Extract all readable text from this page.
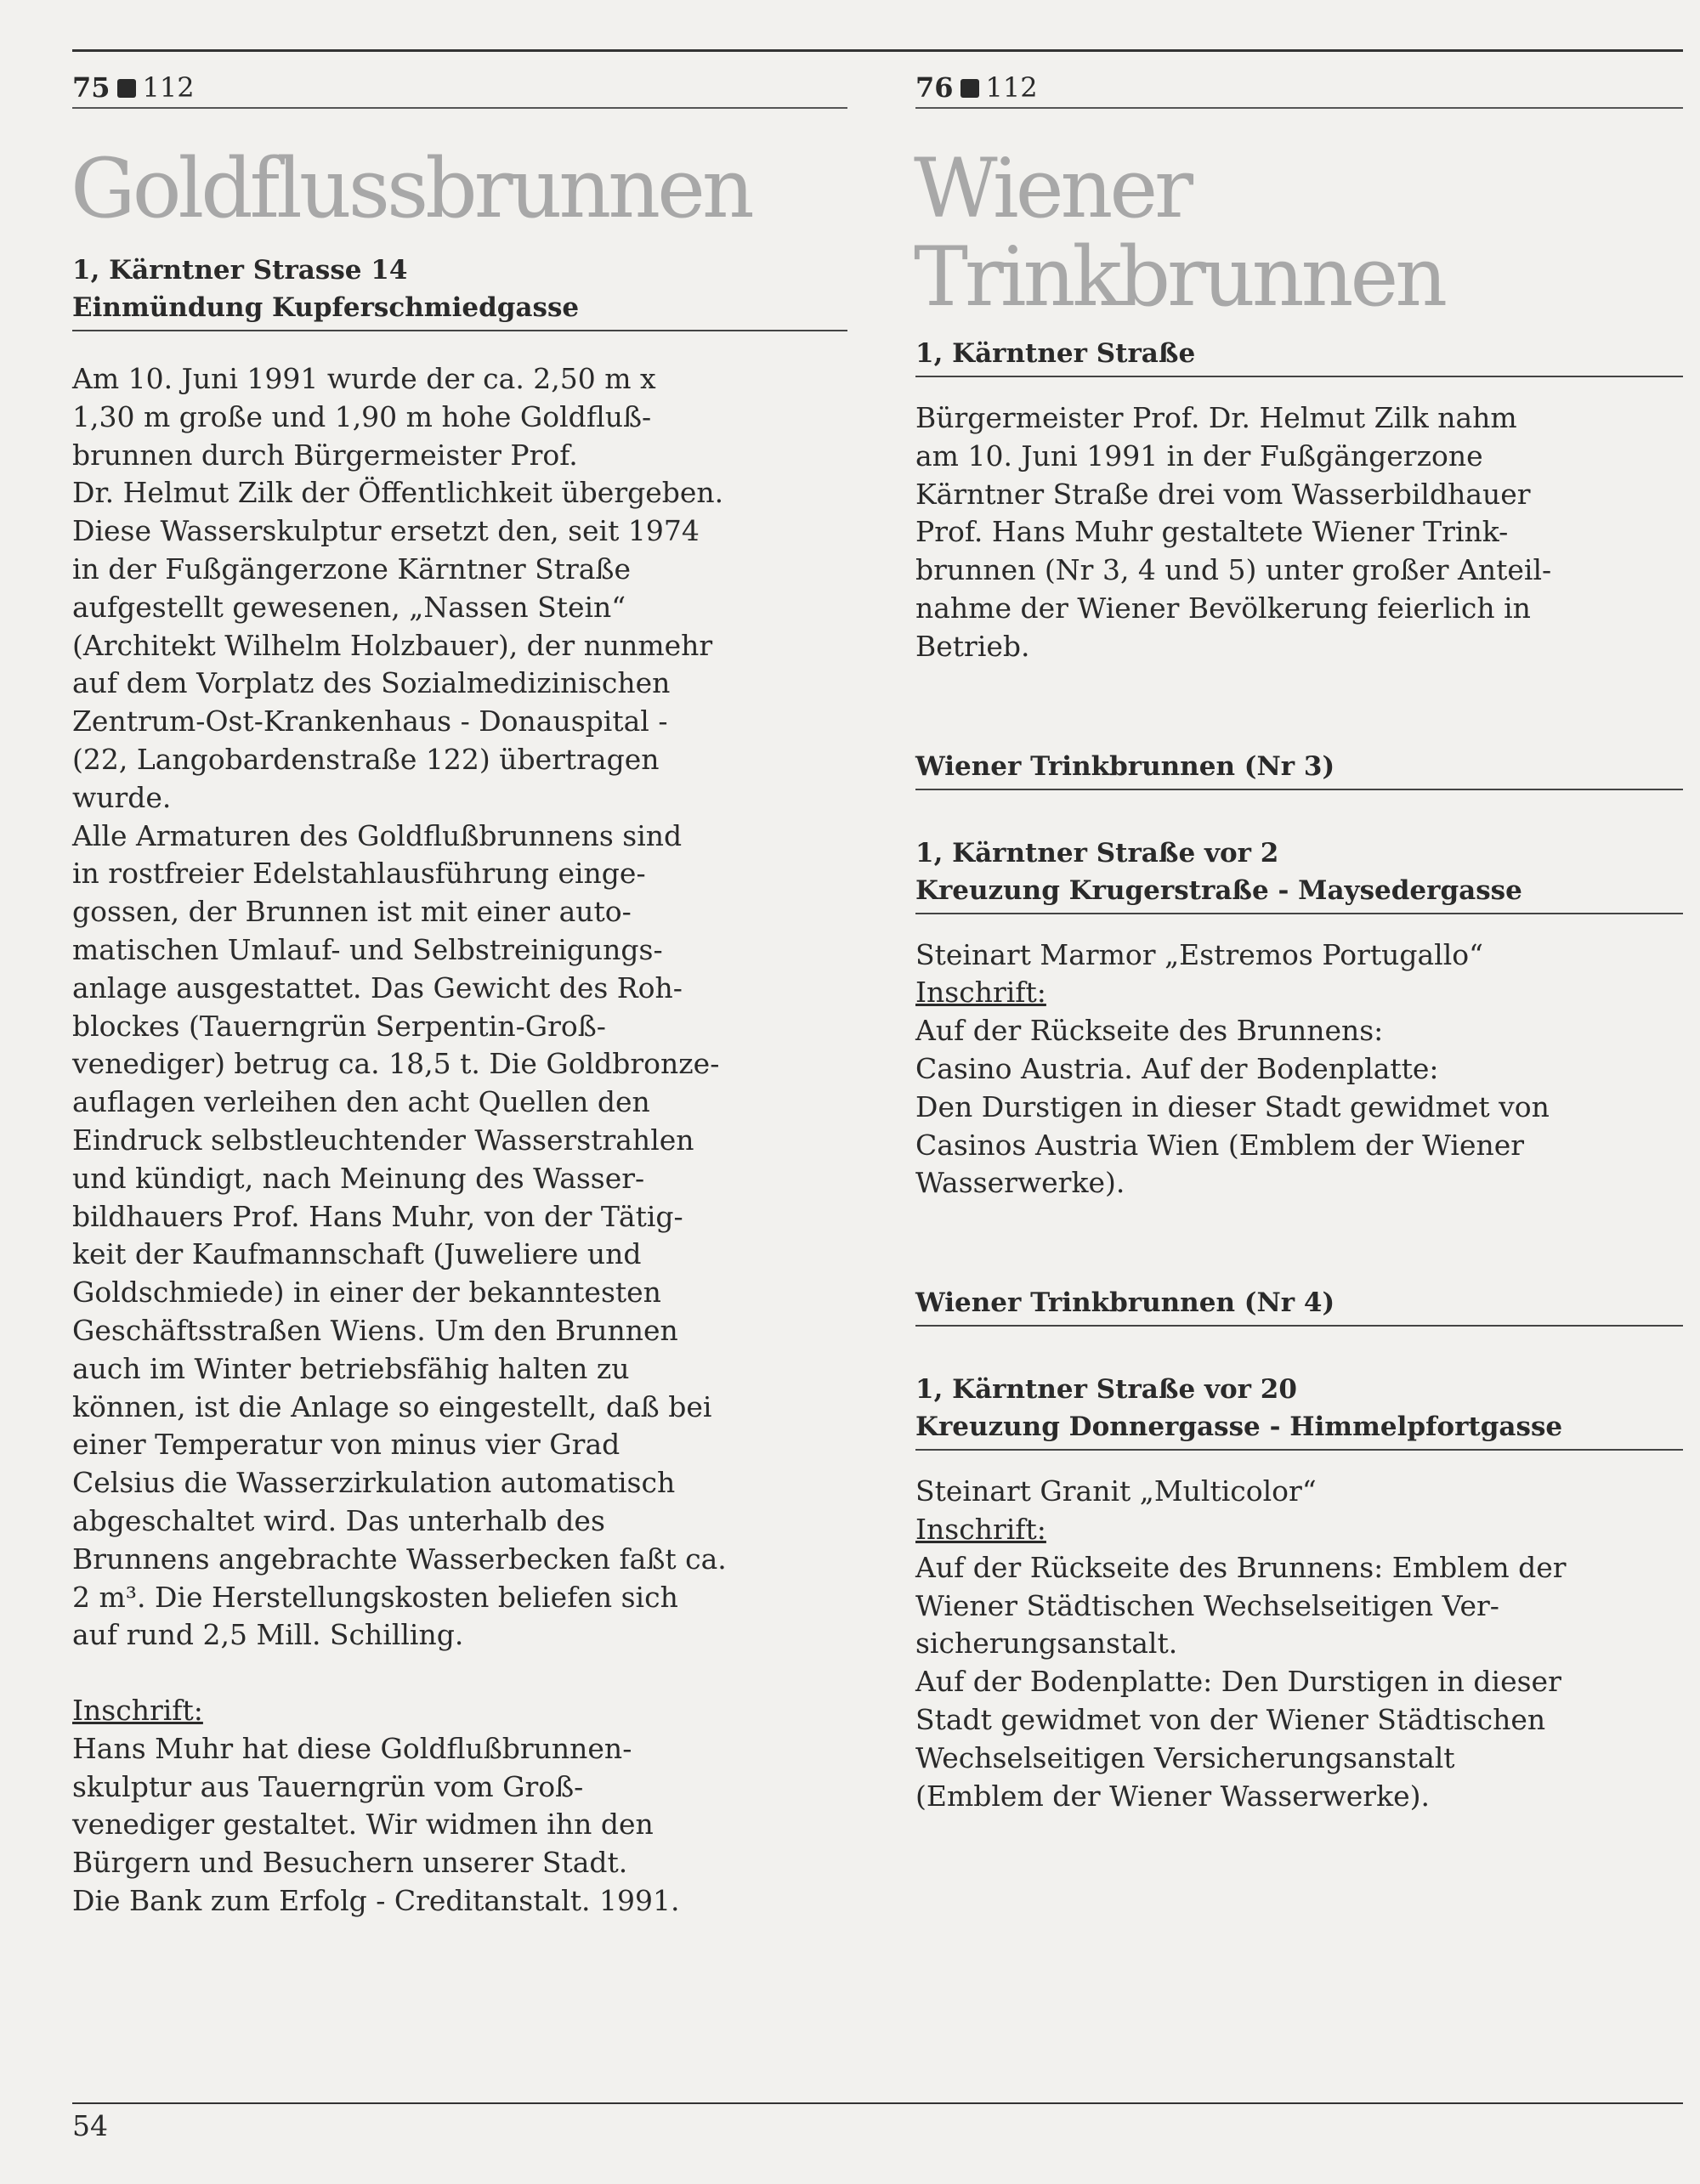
75 112
Goldflussbrunnen
1, Kärntner Strasse 14
Einmündung Kupferschmiedgasse
Am 10. Juni 1991 wurde der ca. 2,50 m x
1,30 m große und 1,90 m hohe Goldfluß-
brunnen durch Bürgermeister Prof.
Dr. Helmut Zilk der Öffentlichkeit übergeben.
Diese Wasserskulptur ersetzt den, seit 1974
in der Fußgängerzone Kärntner Straße
aufgestellt gewesenen, „Nassen Stein“
(Architekt Wilhelm Holzbauer), der nunmehr
auf dem Vorplatz des Sozialmedizinischen
Zentrum-Ost-Krankenhaus - Donauspital -
(22, Langobardenstraße 122) übertragen
wurde.
Alle Armaturen des Goldflußbrunnens sind
in rostfreier Edelstahlausführung einge-
gossen, der Brunnen ist mit einer auto-
matischen Umlauf- und Selbstreinigungs-
anlage ausgestattet. Das Gewicht des Roh-
blockes (Tauerngrün Serpentin-Groß-
venediger) betrug ca. 18,5 t. Die Goldbronze-
auflagen verleihen den acht Quellen den
Eindruck selbstleuchtender Wasserstrahlen
und kündigt, nach Meinung des Wasser-
bildhauers Prof. Hans Muhr, von der Tätig-
keit der Kaufmannschaft (Juweliere und
Goldschmiede) in einer der bekanntesten
Geschäftsstraßen Wiens. Um den Brunnen
auch im Winter betriebsfähig halten zu
können, ist die Anlage so eingestellt, daß bei
einer Temperatur von minus vier Grad
Celsius die Wasserzirkulation automatisch
abgeschaltet wird. Das unterhalb des
Brunnens angebrachte Wasserbecken faßt ca.
2 m³. Die Herstellungskosten beliefen sich
auf rund 2,5 Mill. Schilling.
Inschrift:
Hans Muhr hat diese Goldflußbrunnen-
skulptur aus Tauerngrün vom Groß-
venediger gestaltet. Wir widmen ihn den
Bürgern und Besuchern unserer Stadt.
Die Bank zum Erfolg - Creditanstalt. 1991.
76 112
Wiener
Trinkbrunnen
1, Kärntner Straße
Bürgermeister Prof. Dr. Helmut Zilk nahm
am 10. Juni 1991 in der Fußgängerzone
Kärntner Straße drei vom Wasserbildhauer
Prof. Hans Muhr gestaltete Wiener Trink-
brunnen (Nr 3, 4 und 5) unter großer Anteil-
nahme der Wiener Bevölkerung feierlich in
Betrieb.
Wiener Trinkbrunnen (Nr 3)
1, Kärntner Straße vor 2
Kreuzung Krugerstraße - Maysedergasse
Steinart Marmor „Estremos Portugallo“
Inschrift:
Auf der Rückseite des Brunnens:
Casino Austria. Auf der Bodenplatte:
Den Durstigen in dieser Stadt gewidmet von
Casinos Austria Wien (Emblem der Wiener
Wasserwerke).
Wiener Trinkbrunnen (Nr 4)
1, Kärntner Straße vor 20
Kreuzung Donnergasse - Himmelpfortgasse
Steinart Granit „Multicolor“
Inschrift:
Auf der Rückseite des Brunnens: Emblem der
Wiener Städtischen Wechselseitigen Ver-
sicherungsanstalt.
Auf der Bodenplatte: Den Durstigen in dieser
Stadt gewidmet von der Wiener Städtischen
Wechselseitigen Versicherungsanstalt
(Emblem der Wiener Wasserwerke).
54
